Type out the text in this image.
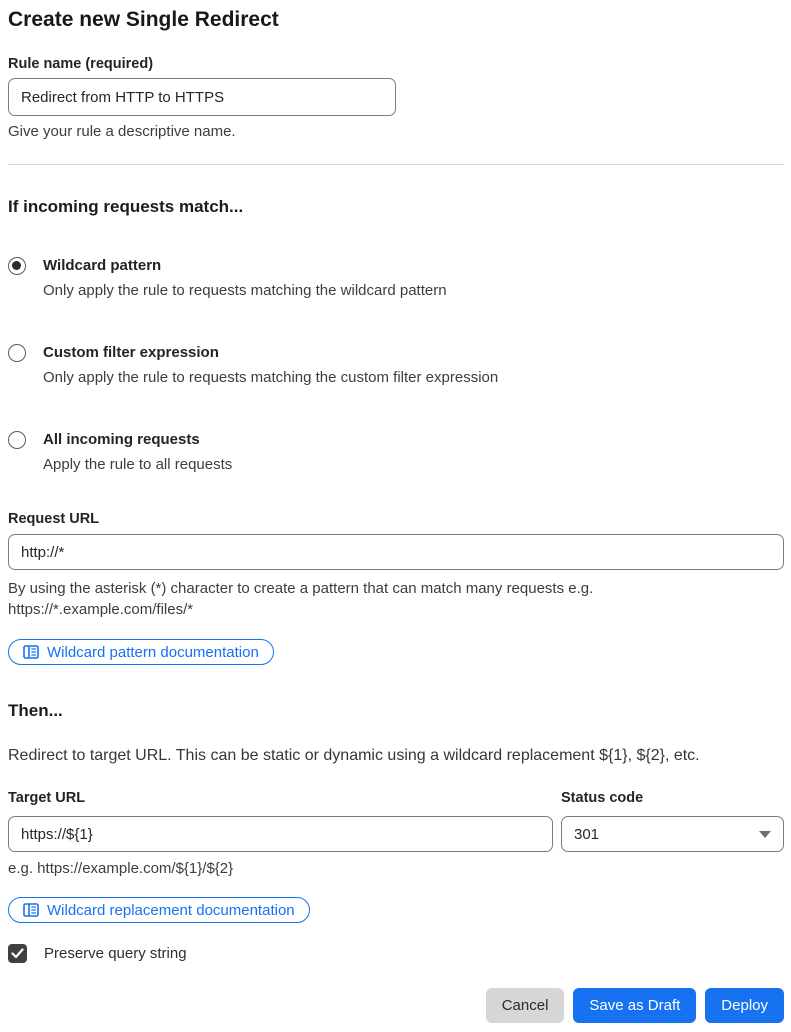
Create new Single Redirect
Rule name (required)
Redirect from HTTP to HTTPS
Give your rule a descriptive name.
If incoming requests match...
Wildcard pattern
Only apply the rule to requests matching the wildcard pattern
Custom filter expression
Only apply the rule to requests matching the custom filter expression
All incoming requests
Apply the rule to all requests
Request URL
http://*
By using the asterisk (*) character to create a pattern that can match many requests e.g.
https://*.example.com/files/*
Wildcard pattern documentation
Then...
Redirect to target URL. This can be static or dynamic using a wildcard replacement ${1}, ${2}, etc.
Target URL	Status code
https://${1}
301
e.g. https://example.com/${1}/${2}
Wildcard replacement documentation
Preserve query string
Cancel	Save as Draft	Deploy
